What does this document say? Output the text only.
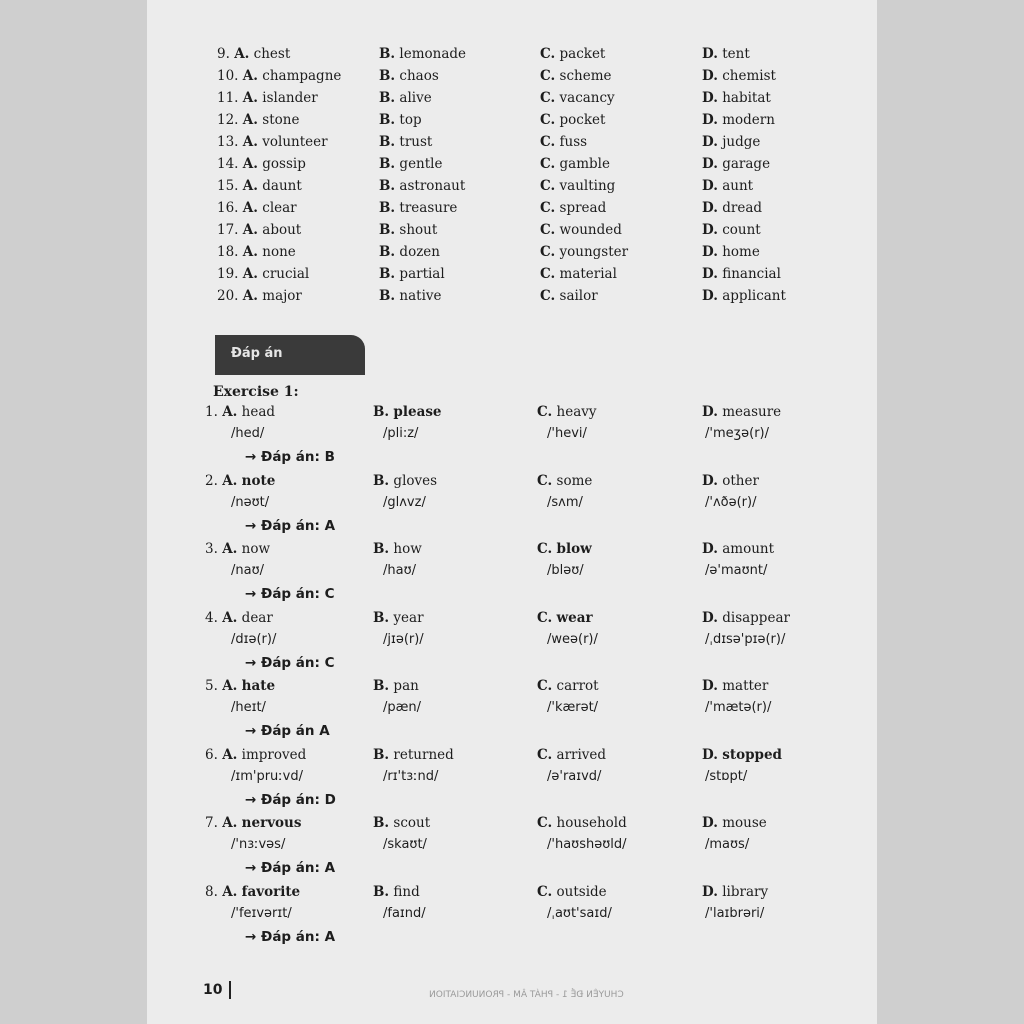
9. A. chest	B. lemonade	C. packet	D. tent
10. A. champagne	B. chaos	C. scheme	D. chemist
11. A. islander	B. alive	C. vacancy	D. habitat
12. A. stone	B. top	C. pocket	D. modern
13. A. volunteer	B. trust	C. fuss	D. judge
14. A. gossip	B. gentle	C. gamble	D. garage
15. A. daunt	B. astronaut	C. vaulting	D. aunt
16. A. clear	B. treasure	C. spread	D. dread
17. A. about	B. shout	C. wounded	D. count
18. A. none	B. dozen	C. youngster	D. home
19. A. crucial	B. partial	C. material	D. financial
20. A. major	B. native	C. sailor	D. applicant
Đáp án
Exercise 1:
1. A. head	B. please	C. heavy	D. measure
/hed/	/pli:z/	/'hevi/	/'meʒə(r)/
→ Đáp án: B
2. A. note	B. gloves	C. some	D. other
/nəʊt/	/glʌvz/	/sʌm/	/'ʌðə(r)/
→ Đáp án: A
3. A. now	B. how	C. blow	D. amount
/naʊ/	/haʊ/	/bləʊ/	/ə'maʊnt/
→ Đáp án: C
4. A. dear	B. year	C. wear	D. disappear
/dɪə(r)/	/jɪə(r)/	/weə(r)/	/ˌdɪsə'pɪə(r)/
→ Đáp án: C
5. A. hate	B. pan	C. carrot	D. matter
/heɪt/	/pæn/	/'kærət/	/'mætə(r)/
→ Đáp án A
6. A. improved	B. returned	C. arrived	D. stopped
/ɪm'pruːvd/	/rɪ'tɜːnd/	/ə'raɪvd/	/stɒpt/
→ Đáp án: D
7. A. nervous	B. scout	C. household	D. mouse
/'nɜːvəs/	/skaʊt/	/'haʊshəʊld/	/maʊs/
→ Đáp án: A
8. A. favorite	B. find	C. outside	D. library
/'feɪvərɪt/	/faɪnd/	/ˌaʊt'saɪd/	/'laɪbrəri/
→ Đáp án: A
10	CHUYÊN ĐỀ 1 - PHÁT ÂM - PRONUNCIATION
